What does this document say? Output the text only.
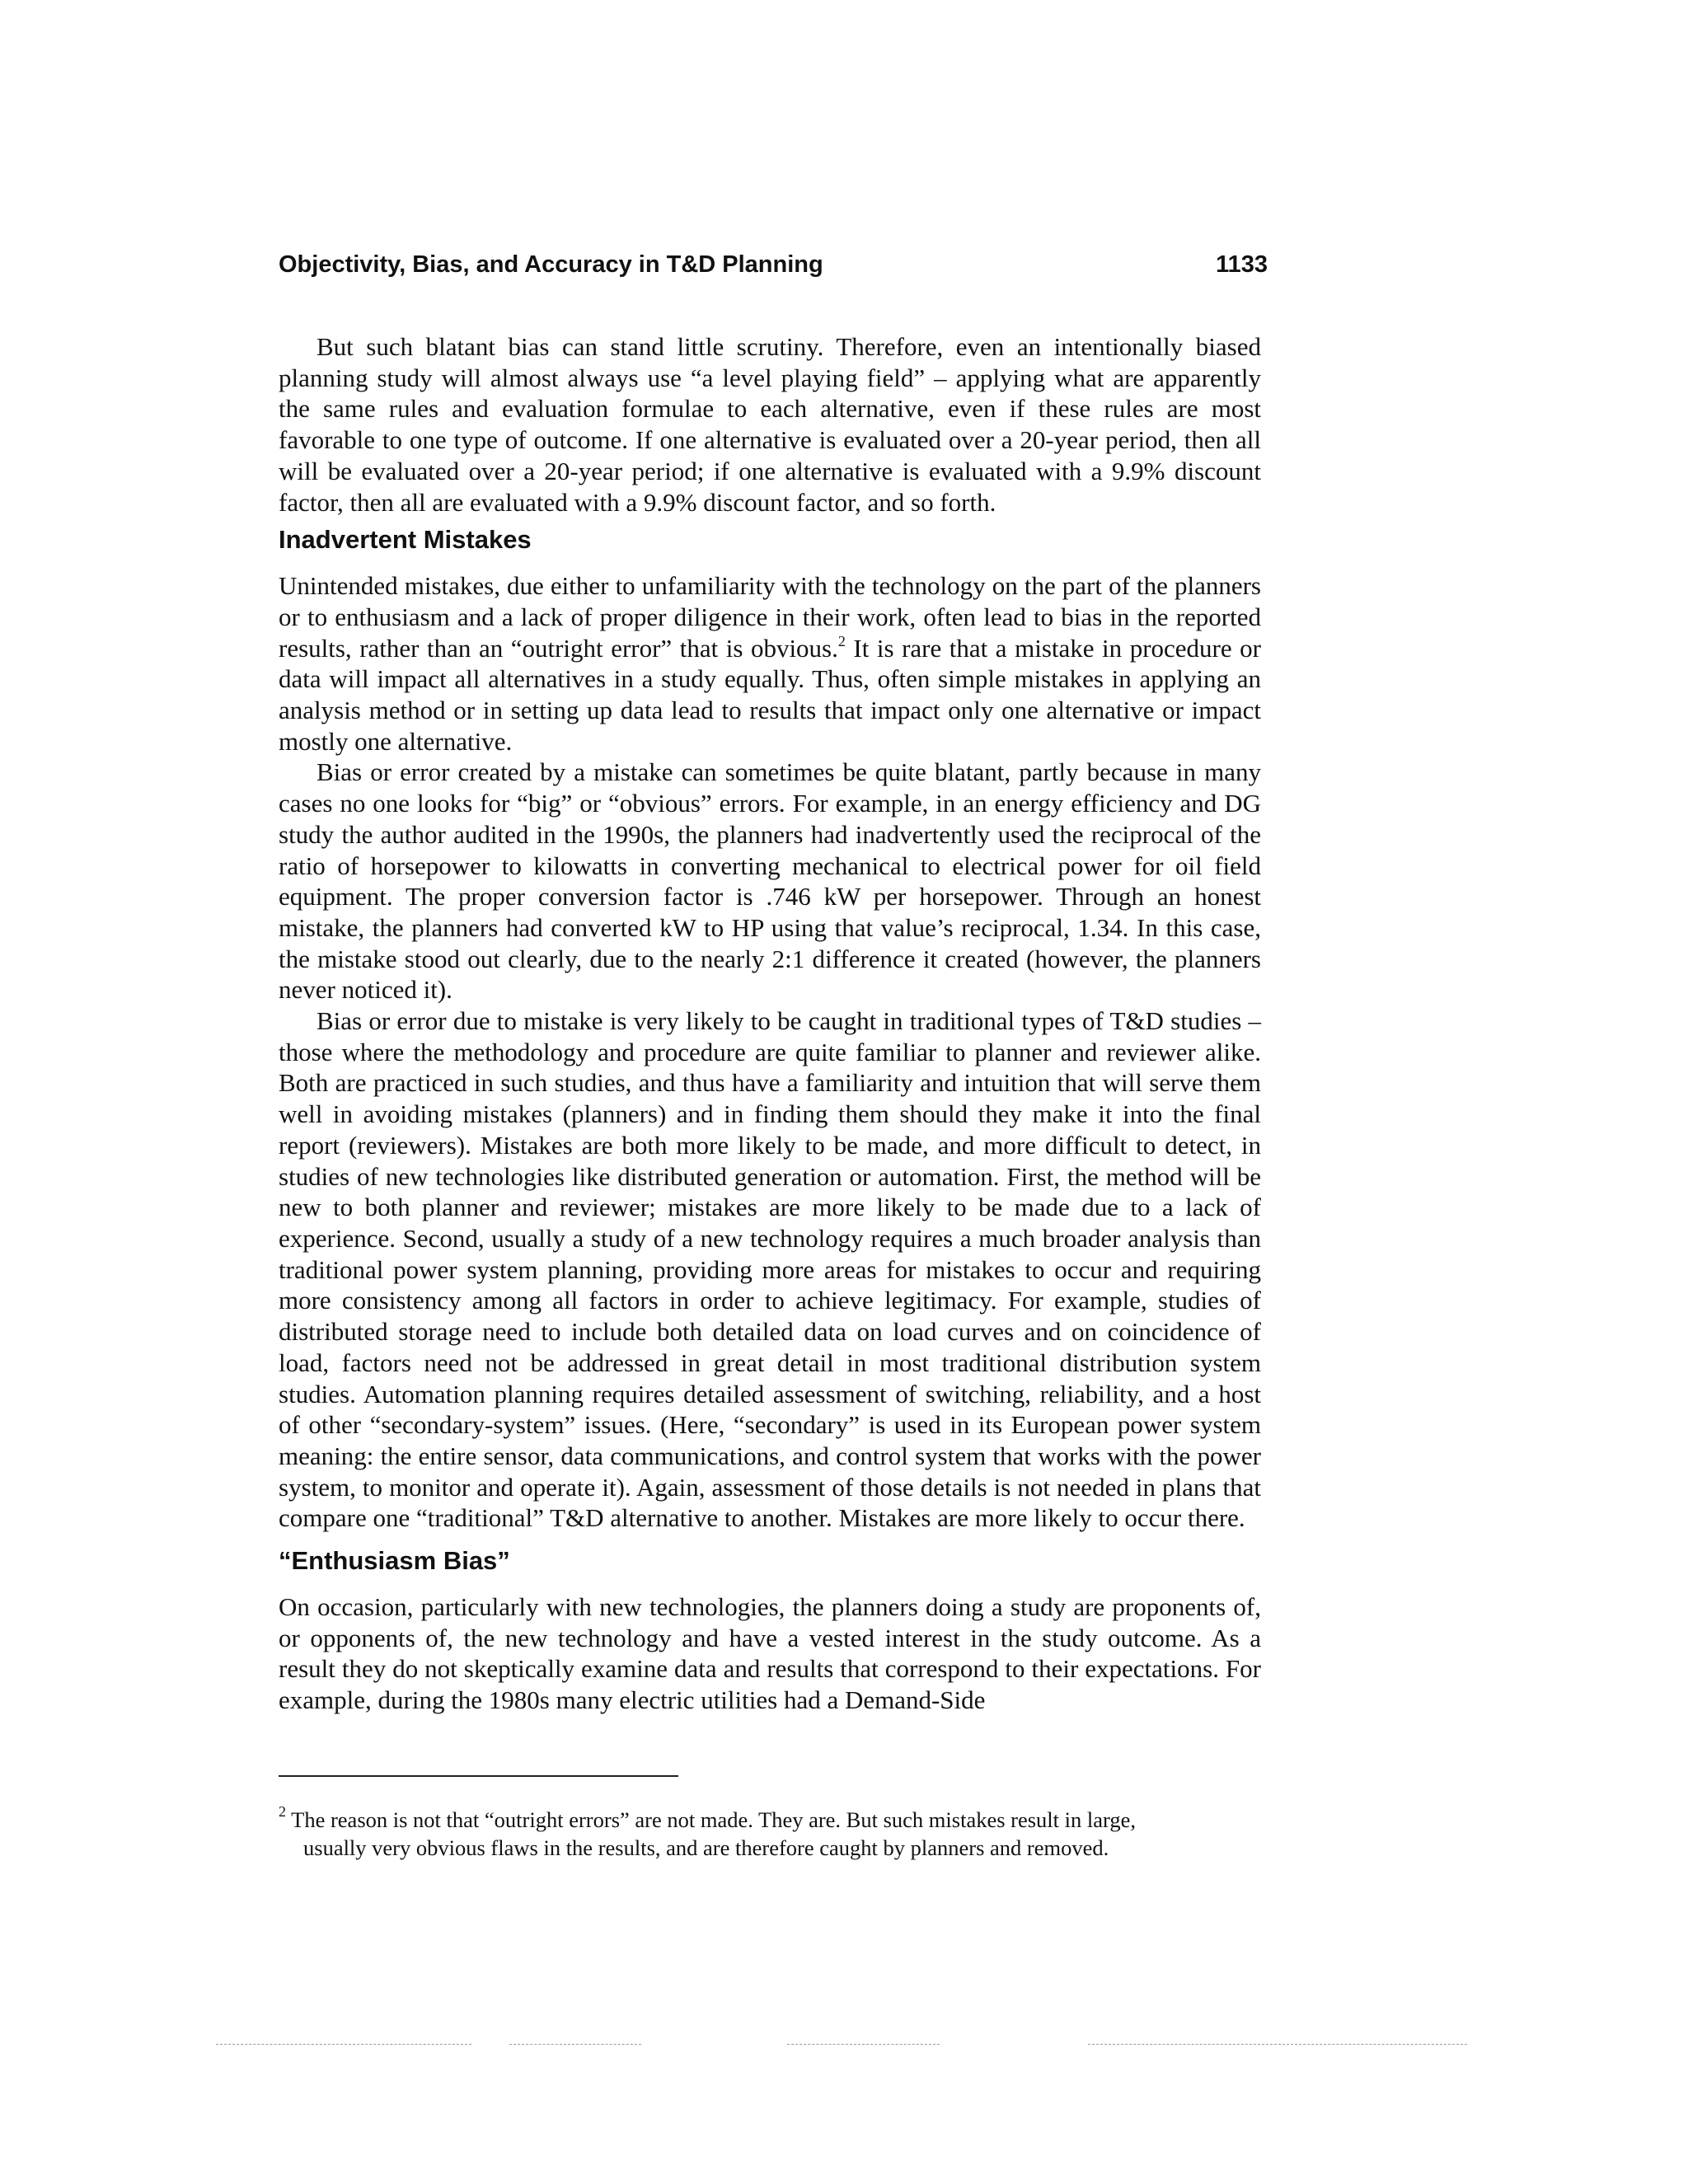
Objectivity, Bias, and Accuracy in T&D Planning	1133

But such blatant bias can stand little scrutiny. Therefore, even an intentionally biased planning study will almost always use “a level playing field” – applying what are apparently the same rules and evaluation formulae to each alternative, even if these rules are most favorable to one type of outcome. If one alternative is evaluated over a 20-year period, then all will be evaluated over a 20-year period; if one alternative is evaluated with a 9.9% discount factor, then all are evaluated with a 9.9% discount factor, and so forth.

Inadvertent Mistakes

Unintended mistakes, due either to unfamiliarity with the technology on the part of the planners or to enthusiasm and a lack of proper diligence in their work, often lead to bias in the reported results, rather than an “outright error” that is obvious.$^2$ It is rare that a mistake in procedure or data will impact all alternatives in a study equally. Thus, often simple mistakes in applying an analysis method or in setting up data lead to results that impact only one alternative or impact mostly one alternative.

Bias or error created by a mistake can sometimes be quite blatant, partly because in many cases no one looks for “big” or “obvious” errors. For example, in an energy efficiency and DG study the author audited in the 1990s, the planners had inadvertently used the reciprocal of the ratio of horsepower to kilowatts in converting mechanical to electrical power for oil field equipment. The proper conversion factor is .746 kW per horsepower. Through an honest mistake, the planners had converted kW to HP using that value’s reciprocal, 1.34. In this case, the mistake stood out clearly, due to the nearly 2:1 difference it created (however, the planners never noticed it).

Bias or error due to mistake is very likely to be caught in traditional types of T&D studies – those where the methodology and procedure are quite familiar to planner and reviewer alike. Both are practiced in such studies, and thus have a familiarity and intuition that will serve them well in avoiding mistakes (planners) and in finding them should they make it into the final report (reviewers). Mistakes are both more likely to be made, and more difficult to detect, in studies of new technologies like distributed generation or automation. First, the method will be new to both planner and reviewer; mistakes are more likely to be made due to a lack of experience. Second, usually a study of a new technology requires a much broader analysis than traditional power system planning, providing more areas for mistakes to occur and requiring more consistency among all factors in order to achieve legitimacy. For example, studies of distributed storage need to include both detailed data on load curves and on coincidence of load, factors need not be addressed in great detail in most traditional distribution system studies. Automation planning requires detailed assessment of switching, reliability, and a host of other “secondary-system” issues. (Here, “secondary” is used in its European power system meaning: the entire sensor, data communications, and control system that works with the power system, to monitor and operate it). Again, assessment of those details is not needed in plans that compare one “traditional” T&D alternative to another. Mistakes are more likely to occur there.

“Enthusiasm Bias”

On occasion, particularly with new technologies, the planners doing a study are proponents of, or opponents of, the new technology and have a vested interest in the study outcome. As a result they do not skeptically examine data and results that correspond to their expectations. For example, during the 1980s many electric utilities had a Demand-Side

$^2$ The reason is not that “outright errors” are not made. They are. But such mistakes result in large,
usually very obvious flaws in the results, and are therefore caught by planners and removed.
